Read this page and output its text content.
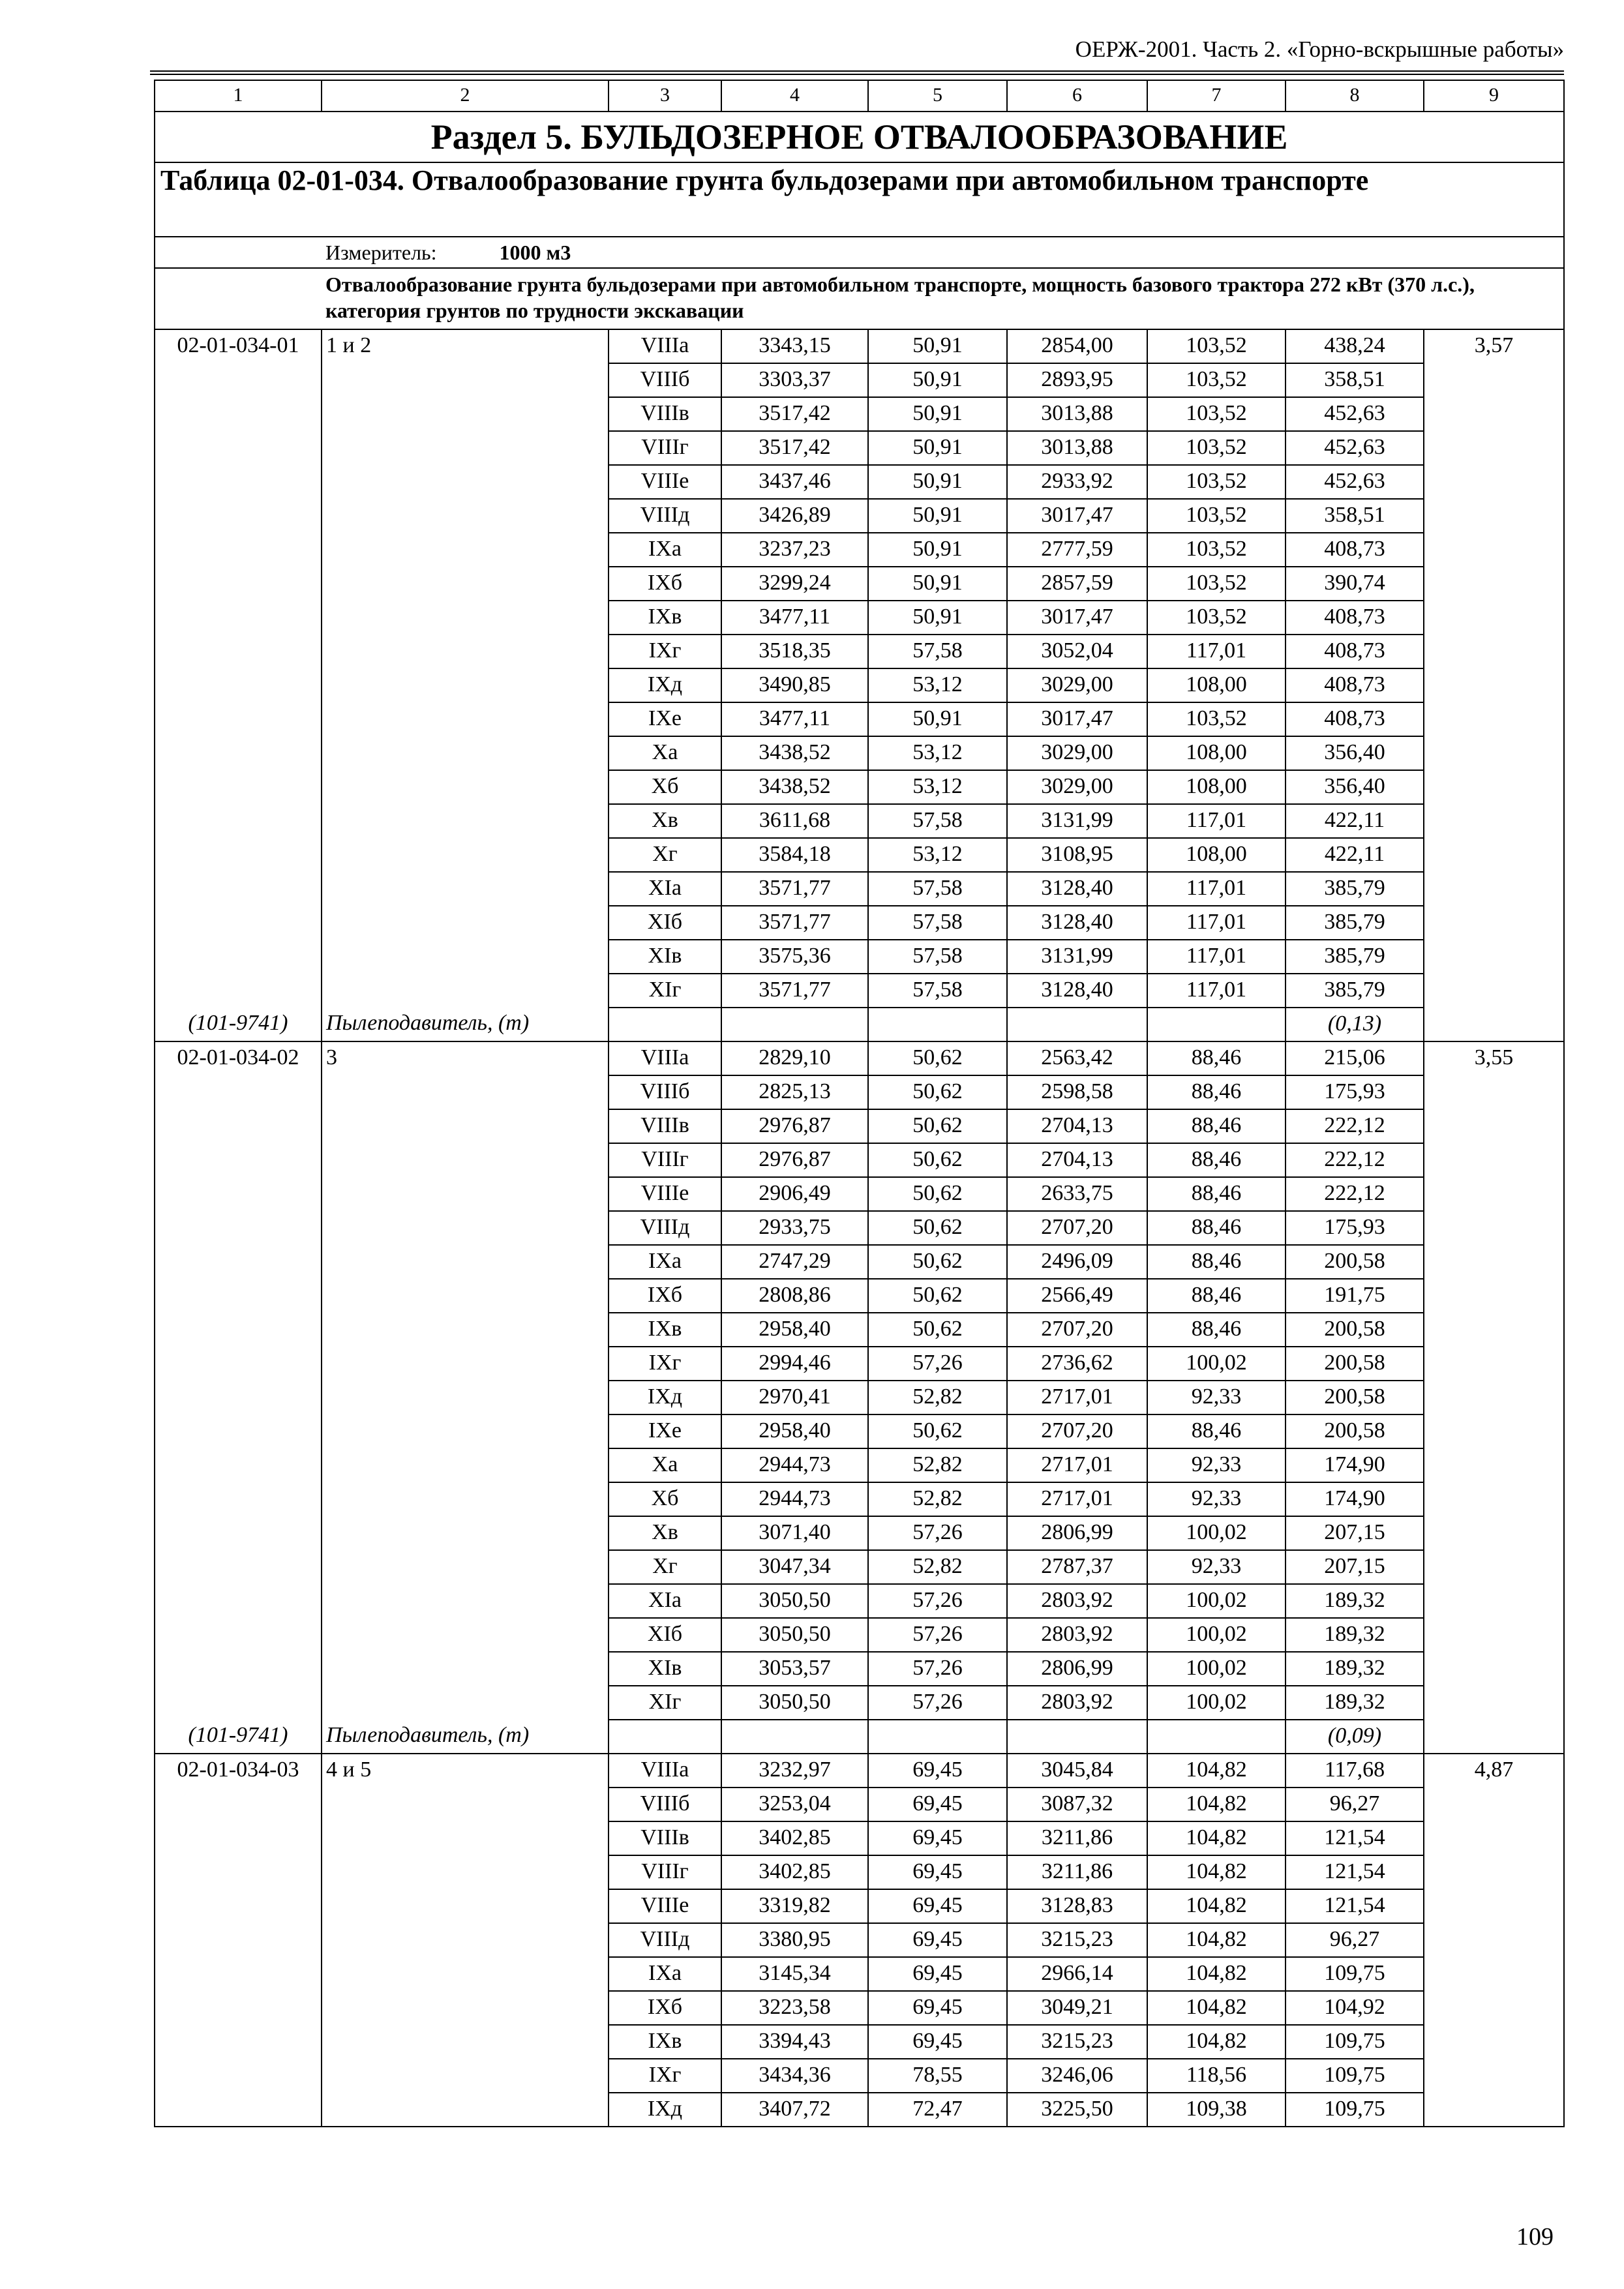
ОЕРЖ-2001. Часть 2. «Горно-вскрышные работы»
1	2	3	4	5	6	7	8	9
Раздел 5. БУЛЬДОЗЕРНОЕ ОТВАЛООБРАЗОВАНИЕ								
Таблица 02-01-034. Отвалообразование грунта бульдозерами при автомобильном транспорте								
	Измеритель: 1000 м3							
	Отвалообразование грунта бульдозерами при автомобильном транспорте, мощность базового трактора 272 кВт (370 л.с.), категория грунтов по трудности экскавации							
02-01-034-01	1 и 2	VIIIа	3343,15	50,91	2854,00	103,52	438,24	3,57
		VIIIб	3303,37	50,91	2893,95	103,52	358,51	
		VIIIв	3517,42	50,91	3013,88	103,52	452,63	
		VIIIг	3517,42	50,91	3013,88	103,52	452,63	
		VIIIе	3437,46	50,91	2933,92	103,52	452,63	
		VIIIд	3426,89	50,91	3017,47	103,52	358,51	
		IXа	3237,23	50,91	2777,59	103,52	408,73	
		IXб	3299,24	50,91	2857,59	103,52	390,74	
		IXв	3477,11	50,91	3017,47	103,52	408,73	
		IXг	3518,35	57,58	3052,04	117,01	408,73	
		IXд	3490,85	53,12	3029,00	108,00	408,73	
		IXе	3477,11	50,91	3017,47	103,52	408,73	
		Xа	3438,52	53,12	3029,00	108,00	356,40	
		Xб	3438,52	53,12	3029,00	108,00	356,40	
		Xв	3611,68	57,58	3131,99	117,01	422,11	
		Xг	3584,18	53,12	3108,95	108,00	422,11	
		XIа	3571,77	57,58	3128,40	117,01	385,79	
		XIб	3571,77	57,58	3128,40	117,01	385,79	
		XIв	3575,36	57,58	3131,99	117,01	385,79	
		XIг	3571,77	57,58	3128,40	117,01	385,79	
(101-9741)	Пылеподавитель, (т)						(0,13)	
02-01-034-02	3	VIIIа	2829,10	50,62	2563,42	88,46	215,06	3,55
		VIIIб	2825,13	50,62	2598,58	88,46	175,93	
		VIIIв	2976,87	50,62	2704,13	88,46	222,12	
		VIIIг	2976,87	50,62	2704,13	88,46	222,12	
		VIIIе	2906,49	50,62	2633,75	88,46	222,12	
		VIIIд	2933,75	50,62	2707,20	88,46	175,93	
		IXа	2747,29	50,62	2496,09	88,46	200,58	
		IXб	2808,86	50,62	2566,49	88,46	191,75	
		IXв	2958,40	50,62	2707,20	88,46	200,58	
		IXг	2994,46	57,26	2736,62	100,02	200,58	
		IXд	2970,41	52,82	2717,01	92,33	200,58	
		IXе	2958,40	50,62	2707,20	88,46	200,58	
		Xа	2944,73	52,82	2717,01	92,33	174,90	
		Xб	2944,73	52,82	2717,01	92,33	174,90	
		Xв	3071,40	57,26	2806,99	100,02	207,15	
		Xг	3047,34	52,82	2787,37	92,33	207,15	
		XIа	3050,50	57,26	2803,92	100,02	189,32	
		XIб	3050,50	57,26	2803,92	100,02	189,32	
		XIв	3053,57	57,26	2806,99	100,02	189,32	
		XIг	3050,50	57,26	2803,92	100,02	189,32	
(101-9741)	Пылеподавитель, (т)						(0,09)	
02-01-034-03	4 и 5	VIIIа	3232,97	69,45	3045,84	104,82	117,68	4,87
		VIIIб	3253,04	69,45	3087,32	104,82	96,27	
		VIIIв	3402,85	69,45	3211,86	104,82	121,54	
		VIIIг	3402,85	69,45	3211,86	104,82	121,54	
		VIIIе	3319,82	69,45	3128,83	104,82	121,54	
		VIIIд	3380,95	69,45	3215,23	104,82	96,27	
		IXа	3145,34	69,45	2966,14	104,82	109,75	
		IXб	3223,58	69,45	3049,21	104,82	104,92	
		IXв	3394,43	69,45	3215,23	104,82	109,75	
		IXг	3434,36	78,55	3246,06	118,56	109,75	
		IXд	3407,72	72,47	3225,50	109,38	109,75	
109
